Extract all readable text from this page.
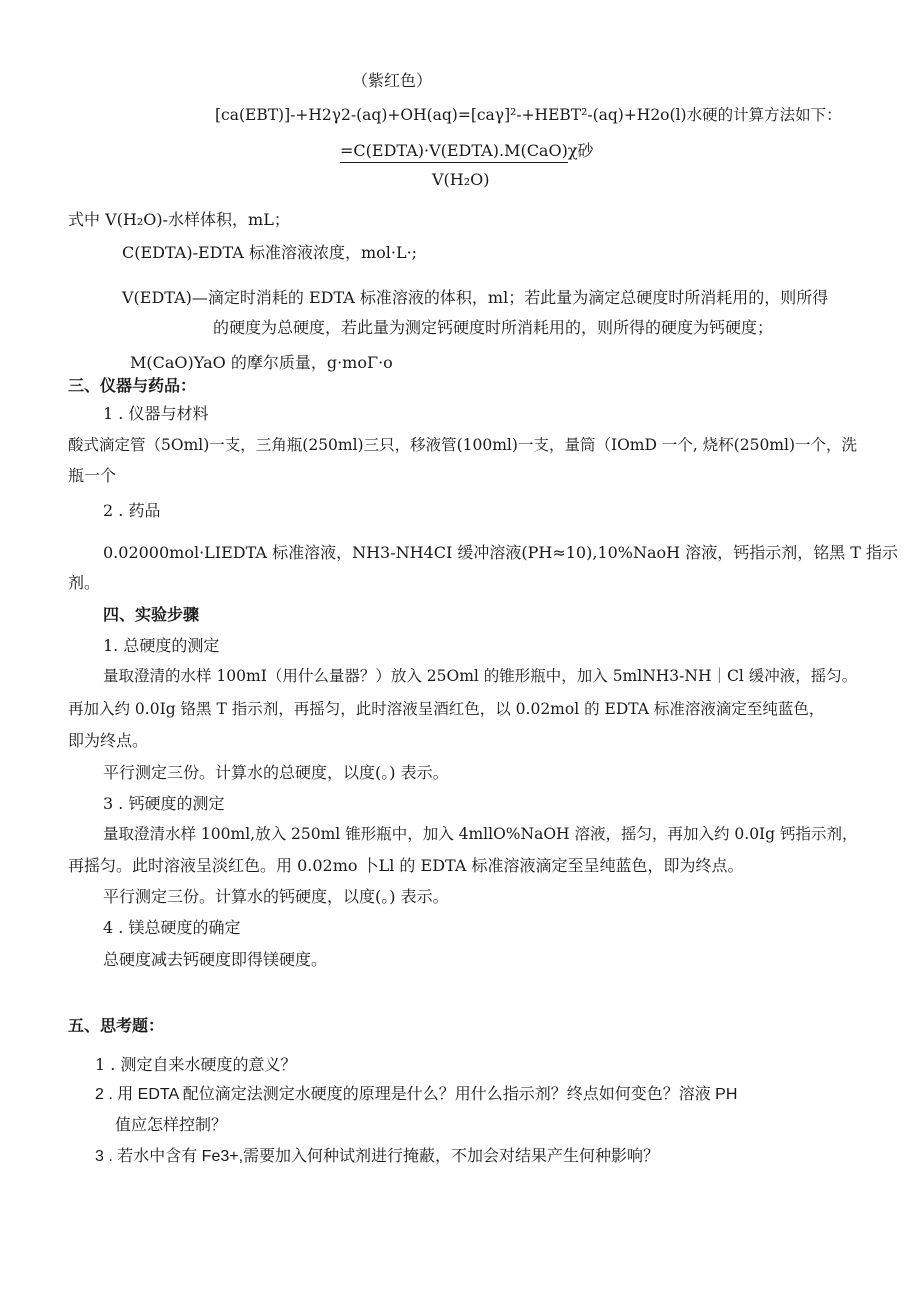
（紫红色）
[ca(EBT)]-+H2γ2-(aq)+OH(aq)=[caγ]²-+HEBT²-(aq)+H2o(l)水硬的计算方法如下：
=C(EDTA)·V(EDTA).M(CaO)χ砂
V(H₂O)
式中 V(H₂O)-水样体积，mL；
C(EDTA)-EDTA 标准溶液浓度，mol·L·;
V(EDTA)—滴定时消耗的 EDTA 标准溶液的体积，ml；若此量为滴定总硬度时所消耗用的，则所得
的硬度为总硬度，若此量为测定钙硬度时所消耗用的，则所得的硬度为钙硬度；
M(CaO)YaO 的摩尔质量，g·moΓ·o
三、仪器与药品：
1 . 仪器与材料
酸式滴定管（5Oml)一支，三角瓶(250ml)三只，移液管(100ml)一支，量筒（IOmD 一个, 烧杯(250ml)一个，洗
瓶一个
2 . 药品
0.02000mol·LIEDTA 标准溶液，NH3-NH4CI 缓冲溶液(PH≈10),10%NaoH 溶液，钙指示剂，铭黑 T 指示
剂。
四、实验步骤
1. 总硬度的测定
量取澄清的水样 100mI（用什么量器？）放入 25Oml 的锥形瓶中，加入 5mlNH3-NH｜Cl 缓冲液，摇匀。
再加入约 0.0Ig 铬黑 T 指示剂，再摇匀，此时溶液呈酒红色，以 0.02mol 的 EDTA 标准溶液滴定至纯蓝色，
即为终点。
平行测定三份。计算水的总硬度，以度(。) 表示。
3 . 钙硬度的测定
量取澄清水样 100ml,放入 250ml 锥形瓶中，加入 4mllO%NaOH 溶液，摇匀，再加入约 0.0Ig 钙指示剂，
再摇匀。此时溶液呈淡红色。用 0.02mo 卜Ll 的 EDTA 标准溶液滴定至呈纯蓝色，即为终点。
平行测定三份。计算水的钙硬度，以度(。) 表示。
4 . 镁总硬度的确定
总硬度减去钙硬度即得镁硬度。
五、思考题：
1 . 测定自来水硬度的意义？
2 . 用 EDTA 配位滴定法测定水硬度的原理是什么？用什么指示剂？终点如何变色？溶液 PH
值应怎样控制？
3 . 若水中含有 Fe3+,需要加入何种试剂进行掩蔽，不加会对结果产生何种影响？
